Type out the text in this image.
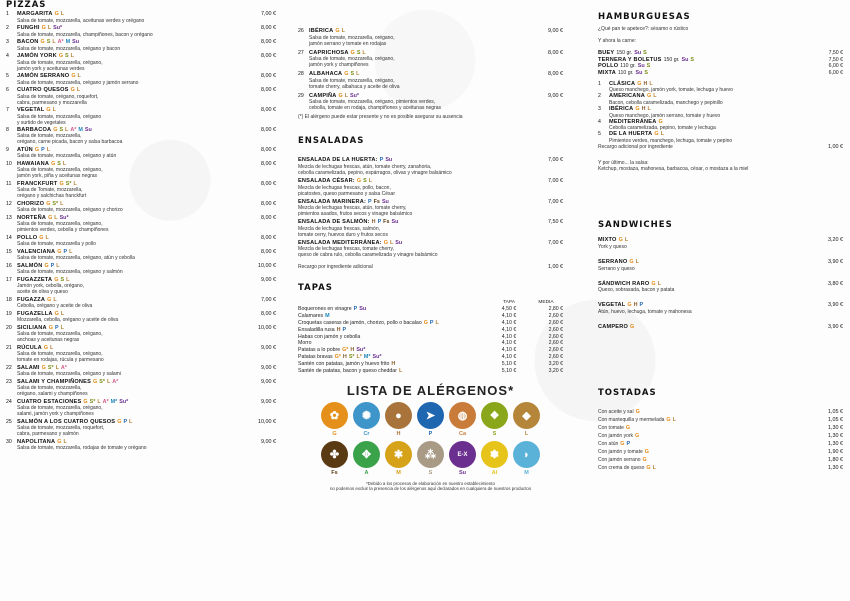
PIZZAS
1	MARGARITA G L	7,00 €
Salsa de tomate, mozzarella, aceitunas verdes y orégano
2	FUNGHI G L Su*	8,00 €
Salsa de tomate, mozzarella, champiñones, bacon y orégano
3	BACON G S L A* M Su	8,00 €
Salsa de tomate, mozzarella, orégano y bacon
4	JAMÓN YORK G S L	8,00 €
Salsa de tomate, mozzarella, orégano,
jamón york y aceitunas verdes
5	JAMÓN SERRANO G L	8,00 €
Salsa de tomate, mozzarella, orégano y jamón serrano
6	CUATRO QUESOS G L	8,00 €
Salsa de tomate, orégano, roquefort,
cabra, parmesano y mozzarella
7	VEGETAL G L	8,00 €
Salsa de tomate, mozzarella, orégano
y surtido de vegetales
8	BARBACOA G S L A* M Su	8,00 €
Salsa de tomate, mozzarella,
orégano, carne picada, bacon y salsa barbacoa
9	ATÚN G P L	8,00 €
Salsa de tomate, mozzarella, orégano y atún
10 HAWAIANA G S L	8,00 €
Salsa de tomate, mozzarella, orégano,
jamón york, piña y aceitunas negras
11	FRANCKFURT G S* L	8,00 €
Salsa de Tomate, mozzarella,
orégano y salchichas franckfurt
12 CHORIZO G S* L	8,00 €
Salsa de tomate, mozzarella, orégano y chorizo
13 NORTEÑA G L Su*	8,00 €
Salsa de tomate, mozzarella, orégano,
pimientos verdes, cebolla y champiñones
14 POLLO G L	8,00 €
Salsa de tomate, mozzarella y pollo
15 VALENCIANA G P L	8,00 €
Salsa de tomate, mozzarella, orégano, atún y cebolla
16 SALMÓN G P L	10,00 €
Salsa de tomate, mozzarella, orégano y salmón
17 FUGAZZETA G S L	9,00 €
Jamón york, cebolla, orégano,
aceite de oliva y queso
18 FUGAZZA G L	7,00 €
Cebolla, orégano y aceite de oliva
19 FUGAZELLA G L	8,00 €
Mozzarella, cebolla, orégano y aceite de oliva
20 SICILIANA G P L	10,00 €
Salsa de tomate, mozzarella, orégano,
anchoas y aceitunas negras
21 RÚCULA G L	9,00 €
Salsa de tomate, mozzarella, orégano,
tomate en rodajas, rúcula y parmesano
22 SALAMI G S* L A*	9,00 €
Salsa de tomate, mozzarella, orégano y salami
23 SALAMI Y CHAMPIÑONES G S* L A*	9,00 €
Salsa de tomate, mozzarella,
orégano, salami y champiñones
24 CUATRO ESTACIONES G S* L A* M* Su*	9,00 €
Salsa de tomate, mozzarella, orégano,
salami, jamón york y champiñones
25 SALMÓN A LOS CUATRO QUESOS G P L	10,00 €
Salsa de tomate, mozzarella, roquefort,
cabra, parmesano y salmón
30 NAPOLITANA G L	9,00 €
Salsa de tomate, mozzarella, rodajas de tomate y orégano
26 IBÉRICA G L	9,00 €
Salsa de tomate, mozzarella, orégano,
jamón serrano y tomate en rodajas
27 CAPRICHOSA G S L	8,00 €
Salsa de tomate, mozzarella, orégano,
jamón york y champiñones
28 ALBAHACA G S L	8,00 €
Salsa de tomate, mozzarella, orégano,
tomate cherry, albahaca y aceite de oliva
29 CAMPIÑA G L Su*	9,00 €
Salsa de tomate, mozzarella, orégano, pimientos verdes,
cebolla, tomate en rodaja, champiñones y aceitunas negras
(*) El alérgeno puede estar presente y no es posible asegurar su ausencia
ENSALADAS
ENSALADA DE LA HUERTA: P Su	7,00 €
Mezcla de lechugas frescas, atún, tomate cherry, zanahoria,
cebolla caramelizada, pepino, espárragos, olivas y vinagre balsámico
ENSALADA CÉSAR: G S L	7,00 €
Mezcla de lechugas frescas, pollo, bacon,
picatostes, queso parmesano y salsa César
ENSALADA MARINERA: P Fs Su	7,00 €
Mezcla de lechugas frescas, atún, tomate cherry,
pimientos asados, frutos secos y vinagre balsámico
ENSALADA DE SALMÓN: H P Fs Su	7,50 €
Mezcla de lechugas frescas, salmón,
tomate cerry, huevos duro y frutos secos
ENSALADA MEDITERRÁNEA: G L Su	7,00 €
Mezcla de lechugas frescas, tomate cherry,
queso de cabra rulo, cebolla caramelizada y vinagre balsámico
Recargo por ingrediente adicional	1,00 €
TAPAS
TAPA	MEDIA
Boquerones en vinagre P Su	4,50 €	2,80 €
Calamares M	4,10 €	2,60 €
Croquetas caseras de jamón, chorizo, pollo o bacalao G P L	4,10 €	2,60 €
Ensaladilla rusa H P	4,10 €	2,60 €
Habas con jamón y cebolla	4,10 €	2,60 €
Morro	4,10 €	2,60 €
Patatas a lo pobre G* H Su*	4,10 €	2,60 €
Patatas bravas G* H S* L* M* Su*	4,10 €	2,60 €
Santén con patatas, jamón y huevo frito H	5,10 €	3,20 €
Santén de patatas, bacon y queso cheddar L	5,10 €	3,20 €
LISTA DE ALÉRGENOS*
✿
G
✺
Cr
●
H
➤
P
◍
Ca
❖
S
◆
L
✤
Fs
✥
A
✱
M
⁂
S
E-X
Su
✽
Al
◗
M
*Debido a los procesos de elaboración en nuestro establecimiento
no podemos excluir la presencia de los alérgenos aquí declarados en cualquiera de nuestros productos
HAMBURGUESAS
¿Qué pan te apetece?: sésamo o rústico
Y ahora la carne:
BUEY 150 gr. Su S	7,50 €
TERNERA Y BOLETUS 150 gr. Su S	7,50 €
POLLO 110 gr. Su S	6,00 €
MIXTA 110 gr. Su S	6,00 €
1	CLÁSICA G H L
Queso manchego, jamón york, tomate, lechuga y huevo
2	AMERICANA G L
Bacon, cebolla caramelizada, manchego y pepinillo
3	IBÉRICA G H L
Queso manchego, jamón serrano, tomate y huevo
4	MEDITERRÁNEA G
Cebolla caramelizada, pepino, tomate y lechuga
5	DE LA HUERTA G L
Pimientos verdes, manchego, lechuga, tomate y pepino
Recargo adicional por ingrediente	1,00 €
Y por último... la salsa:
Ketchup, mostaza, mahonesa, barbacoa, césar, o mostaza a la miel
SANDWICHES
MIXTO G L	3,20 €
York y queso
SERRANO G L	3,90 €
Serrano y queso
SÁNDWICH RARO G L	3,80 €
Queso, sobrasada, bacon y patata
VEGETAL G H P	3,90 €
Atún, huevo, lechuga, tomate y mahonesa
CAMPERO G	3,90 €
TOSTADAS
Con aceite y sal G	1,05 €
Con mantequilla y mermelada G L	1,05 €
Con tomate G	1,30 €
Con jamón york G	1,30 €
Con atún G P	1,30 €
Con jamón y tomate G	1,90 €
Con jamón serrano G	1,80 €
Con crema de queso G L	1,30 €
